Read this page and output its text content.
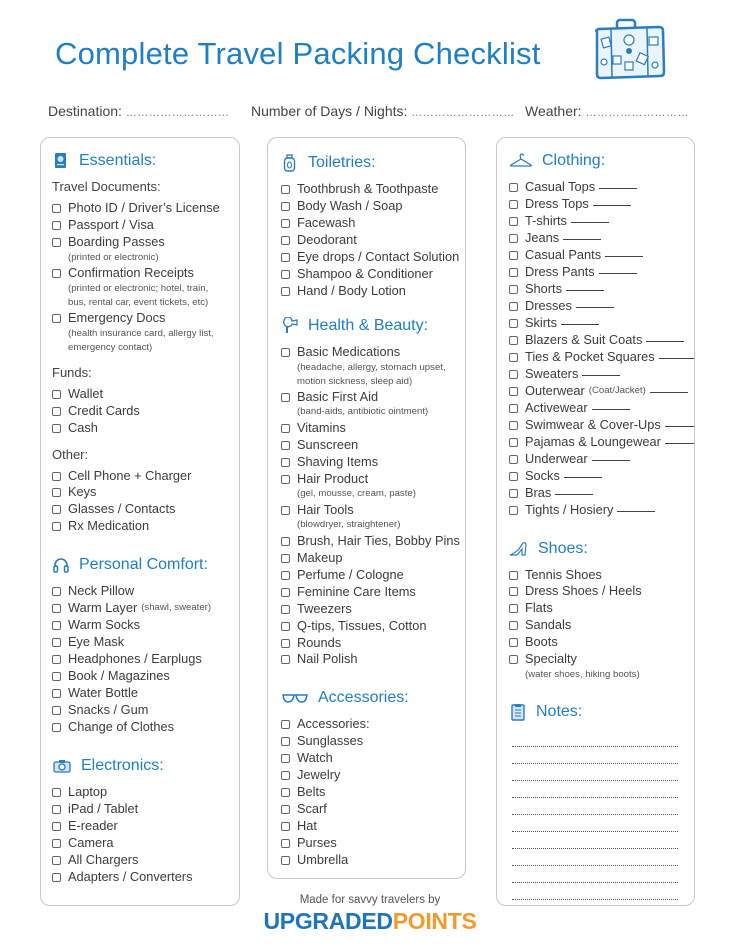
Complete Travel Packing Checklist
Destination: ……………………… Number of Days / Nights: ……………………… Weather: ………………………
Essentials:
Travel Documents:
Photo ID / Driver’s License
Passport / Visa
Boarding Passes
(printed or electronic)
Confirmation Receipts
(printed or electronic; hotel, train,
bus, rental car, event tickets, etc)
Emergency Docs
(health insurance card, allergy list,
emergency contact)
Funds:
Wallet
Credit Cards
Cash
Other:
Cell Phone + Charger
Keys
Glasses / Contacts
Rx Medication
Personal Comfort:
Neck Pillow
Warm Layer (shawl, sweater)
Warm Socks
Eye Mask
Headphones / Earplugs
Book / Magazines
Water Bottle
Snacks / Gum
Change of Clothes
Electronics:
Laptop
iPad / Tablet
E-reader
Camera
All Chargers
Adapters / Converters
Toiletries:
Toothbrush & Toothpaste
Body Wash / Soap
Facewash
Deodorant
Eye drops / Contact Solution
Shampoo & Conditioner
Hand / Body Lotion
Health & Beauty:
Basic Medications
(headache, allergy, stomach upset,
motion sickness, sleep aid)
Basic First Aid
(band-aids, antibiotic ointment)
Vitamins
Sunscreen
Shaving Items
Hair Product
(gel, mousse, cream, paste)
Hair Tools
(blowdryer, straightener)
Brush, Hair Ties, Bobby Pins
Makeup
Perfume / Cologne
Feminine Care Items
Tweezers
Q-tips, Tissues, Cotton
Rounds
Nail Polish
Accessories:
Accessories:
Sunglasses
Watch
Jewelry
Belts
Scarf
Hat
Purses
Umbrella
Clothing:
Casual Tops
Dress Tops
T-shirts
Jeans
Casual Pants
Dress Pants
Shorts
Dresses
Skirts
Blazers & Suit Coats
Ties & Pocket Squares
Sweaters
Outerwear (Coat/Jacket)
Activewear
Swimwear & Cover-Ups
Pajamas & Loungewear
Underwear
Socks
Bras
Tights / Hosiery
Shoes:
Tennis Shoes
Dress Shoes / Heels
Flats
Sandals
Boots
Specialty
(water shoes, hiking boots)
Notes:
Made for savvy travelers by
UPGRADEDPOINTS
